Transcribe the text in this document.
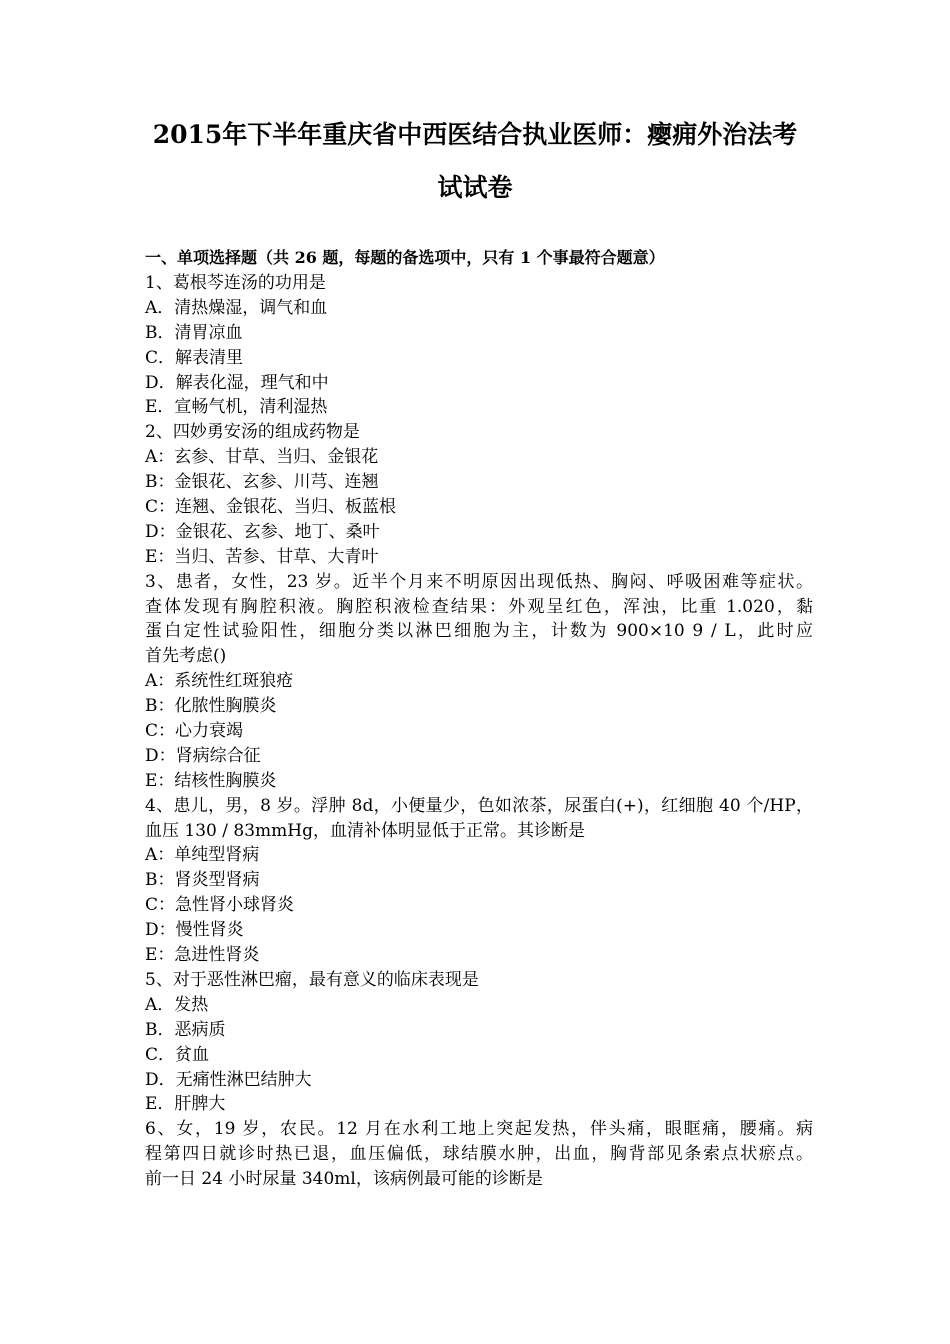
2015年下半年重庆省中西医结合执业医师：瘿痈外治法考
试试卷
一、单项选择题（共 26 题，每题的备选项中，只有 1 个事最符合题意）
1、葛根芩连汤的功用是
A．清热燥湿，调气和血
B．清胃凉血
C．解表清里
D．解表化湿，理气和中
E．宣畅气机，清利湿热
2、四妙勇安汤的组成药物是
A：玄参、甘草、当归、金银花
B：金银花、玄参、川芎、连翘
C：连翘、金银花、当归、板蓝根
D：金银花、玄参、地丁、桑叶
E：当归、苦参、甘草、大青叶
3、患者，女性，23 岁。近半个月来不明原因出现低热、胸闷、呼吸困难等症状。
查体发现有胸腔积液。胸腔积液检查结果：外观呈红色，浑浊，比重 1.020，黏
蛋白定性试验阳性，细胞分类以淋巴细胞为主，计数为 900×10 9 / L，此时应
首先考虑()
A：系统性红斑狼疮
B：化脓性胸膜炎
C：心力衰竭
D：肾病综合征
E：结核性胸膜炎
4、患儿，男，8 岁。浮肿 8d，小便量少，色如浓茶，尿蛋白(+)，红细胞 40 个/HP，
血压 130 / 83mmHg，血清补体明显低于正常。其诊断是
A：单纯型肾病
B：肾炎型肾病
C：急性肾小球肾炎
D：慢性肾炎
E：急进性肾炎
5、对于恶性淋巴瘤，最有意义的临床表现是
A．发热
B．恶病质
C．贫血
D．无痛性淋巴结肿大
E．肝脾大
6、女，19 岁，农民。12 月在水利工地上突起发热，伴头痛，眼眶痛，腰痛。病
程第四日就诊时热已退，血压偏低，球结膜水肿，出血，胸背部见条索点状瘀点。
前一日 24 小时尿量 340ml，该病例最可能的诊断是
